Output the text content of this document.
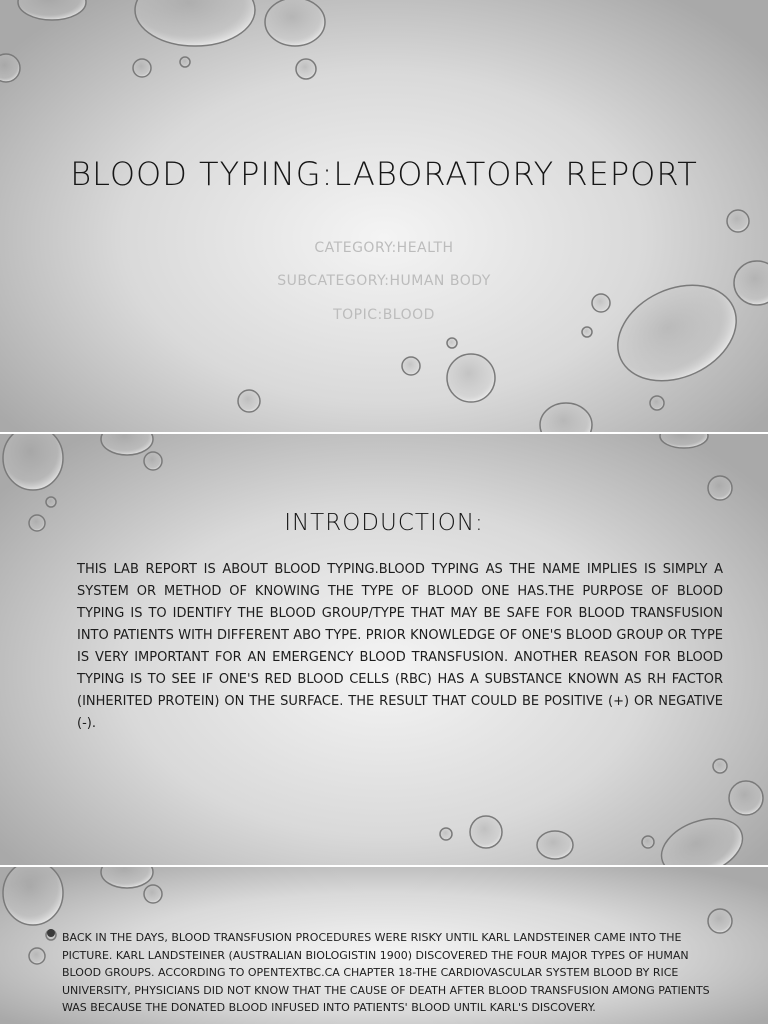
BLOOD TYPING:LABORATORY REPORT
CATEGORY:HEALTH
SUBCATEGORY:HUMAN BODY
TOPIC:BLOOD
INTRODUCTION:
THIS LAB REPORT IS ABOUT BLOOD TYPING.BLOOD TYPING AS THE NAME IMPLIES IS SIMPLY A SYSTEM OR METHOD OF KNOWING THE TYPE OF BLOOD ONE HAS.THE PURPOSE OF BLOOD TYPING IS TO IDENTIFY THE BLOOD GROUP/TYPE THAT MAY BE SAFE FOR BLOOD TRANSFUSION INTO PATIENTS WITH DIFFERENT ABO TYPE. PRIOR KNOWLEDGE OF ONE'S BLOOD GROUP OR TYPE IS VERY IMPORTANT FOR AN EMERGENCY BLOOD TRANSFUSION. ANOTHER REASON FOR BLOOD TYPING IS TO SEE IF ONE'S RED BLOOD CELLS (RBC) HAS A SUBSTANCE KNOWN AS RH FACTOR (INHERITED PROTEIN) ON THE SURFACE. THE RESULT THAT COULD BE POSITIVE (+) OR NEGATIVE (-).
BACK IN THE DAYS, BLOOD TRANSFUSION PROCEDURES WERE RISKY UNTIL KARL LANDSTEINER CAME INTO THE PICTURE. KARL LANDSTEINER (AUSTRALIAN BIOLOGISTIN 1900) DISCOVERED THE FOUR MAJOR TYPES OF HUMAN BLOOD GROUPS. ACCORDING TO OPENTEXTBC.CA CHAPTER 18-THE CARDIOVASCULAR SYSTEM BLOOD BY RICE UNIVERSITY, PHYSICIANS DID NOT KNOW THAT THE CAUSE OF DEATH AFTER BLOOD TRANSFUSION AMONG PATIENTS WAS BECAUSE THE DONATED BLOOD INFUSED INTO PATIENTS' BLOOD UNTIL KARL'S DISCOVERY.
